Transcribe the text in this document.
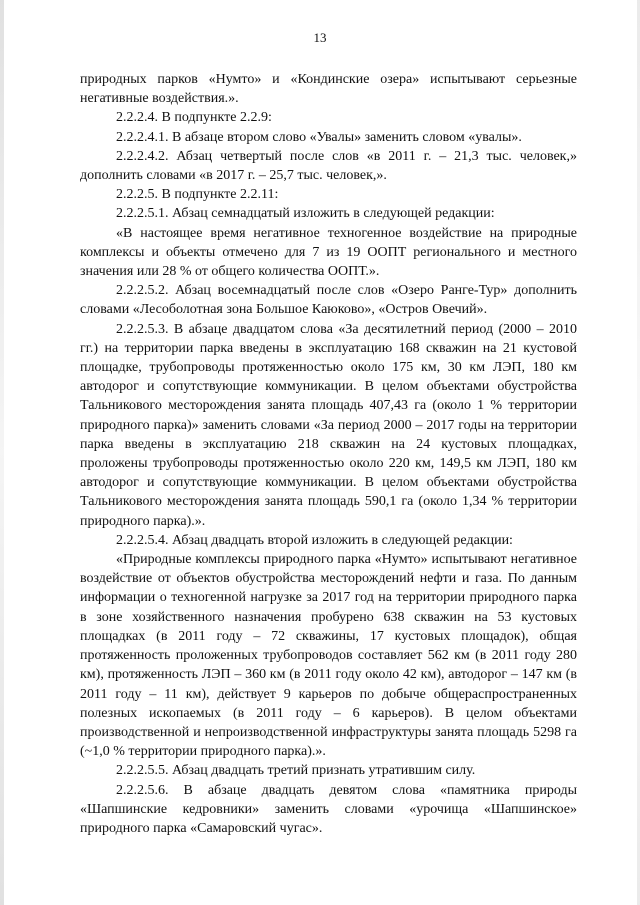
13

природных парков «Нумто» и «Кондинские озера» испытывают серьезные негативные воздействия.».

2.2.2.4. В подпункте 2.2.9:

2.2.2.4.1. В абзаце втором слово «Увалы» заменить словом «увалы».

2.2.2.4.2. Абзац четвертый после слов «в 2011 г. – 21,3 тыс. человек,» дополнить словами «в 2017 г. – 25,7 тыс. человек,».

2.2.2.5. В подпункте 2.2.11:

2.2.2.5.1. Абзац семнадцатый изложить в следующей редакции:

«В настоящее время негативное техногенное воздействие на природные комплексы и объекты отмечено для 7 из 19 ООПТ регионального и местного значения или 28 % от общего количества ООПТ.».

2.2.2.5.2. Абзац восемнадцатый после слов «Озеро Ранге-Тур» дополнить словами «Лесоболотная зона Большое Каюково», «Остров Овечий».

2.2.2.5.3. В абзаце двадцатом слова «За десятилетний период (2000 – 2010 гг.) на территории парка введены в эксплуатацию 168 скважин на 21 кустовой площадке, трубопроводы протяженностью около 175 км, 30 км ЛЭП, 180 км автодорог и сопутствующие коммуникации. В целом объектами обустройства Тальникового месторождения занята площадь 407,43 га (около 1 % территории природного парка)» заменить словами «За период 2000 – 2017 годы на территории парка введены в эксплуатацию 218 скважин на 24 кустовых площадках, проложены трубопроводы протяженностью около 220 км, 149,5 км ЛЭП, 180 км автодорог и сопутствующие коммуникации. В целом объектами обустройства Тальникового месторождения занята площадь 590,1 га (около 1,34 % территории природного парка).».

2.2.2.5.4. Абзац двадцать второй изложить в следующей редакции:

«Природные комплексы природного парка «Нумто» испытывают негативное воздействие от объектов обустройства месторождений нефти и газа. По данным информации о техногенной нагрузке за 2017 год на территории природного парка в зоне хозяйственного назначения пробурено 638 скважин на 53 кустовых площадках (в 2011 году – 72 скважины, 17 кустовых площадок), общая протяженность проложенных трубопроводов составляет 562 км (в 2011 году 280 км), протяженность ЛЭП – 360 км (в 2011 году около 42 км), автодорог – 147 км (в 2011 году – 11 км), действует 9 карьеров по добыче общераспространенных полезных ископаемых (в 2011 году – 6 карьеров). В целом объектами производственной и непроизводственной инфраструктуры занята площадь 5298 га (~1,0 % территории природного парка).».

2.2.2.5.5. Абзац двадцать третий признать утратившим силу.

2.2.2.5.6. В абзаце двадцать девятом слова «памятника природы «Шапшинские кедровники» заменить словами «урочища «Шапшинское» природного парка «Самаровский чугас».
